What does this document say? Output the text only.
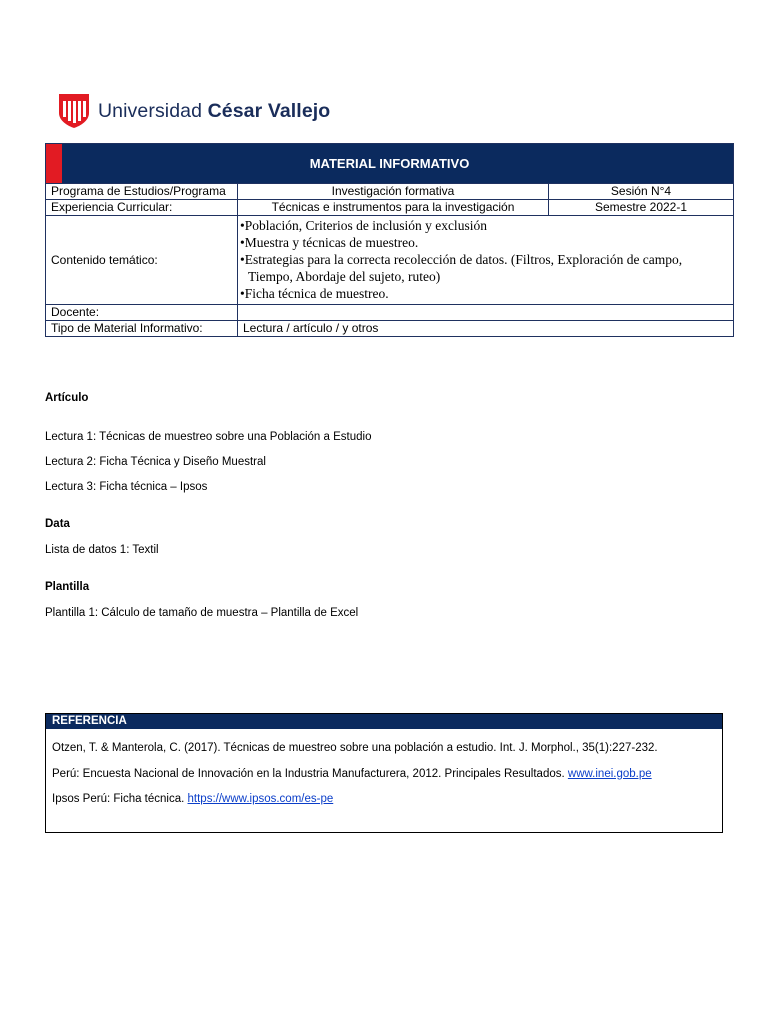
Universidad César Vallejo
MATERIAL INFORMATIVO		
Programa de Estudios/Programa	Investigación formativa	Sesión N°4
Experiencia Curricular:	Técnicas e instrumentos para la investigación	Semestre 2022-1
Contenido temático:	•Población, Criterios de inclusión y exclusión
•Muestra y técnicas de muestreo.
•Estrategias para la correcta recolección de datos. (Filtros, Exploración de campo,
Tiempo, Abordaje del sujeto, ruteo)
•Ficha técnica de muestreo.	

Docente:		
Tipo de Material Informativo:	Lectura / artículo / y otros	
Artículo
Lectura 1: Técnicas de muestreo sobre una Población a Estudio
Lectura 2: Ficha Técnica y Diseño Muestral
Lectura 3: Ficha técnica – Ipsos
Data
Lista de datos 1: Textil
Plantilla
Plantilla 1: Cálculo de tamaño de muestra – Plantilla de Excel
REFERENCIA
Otzen, T. & Manterola, C. (2017). Técnicas de muestreo sobre una población a estudio. Int. J. Morphol., 35(1):227-232.
Perú: Encuesta Nacional de Innovación en la Industria Manufacturera, 2012. Principales Resultados. www.inei.gob.pe
Ipsos Perú: Ficha técnica. https://www.ipsos.com/es-pe
